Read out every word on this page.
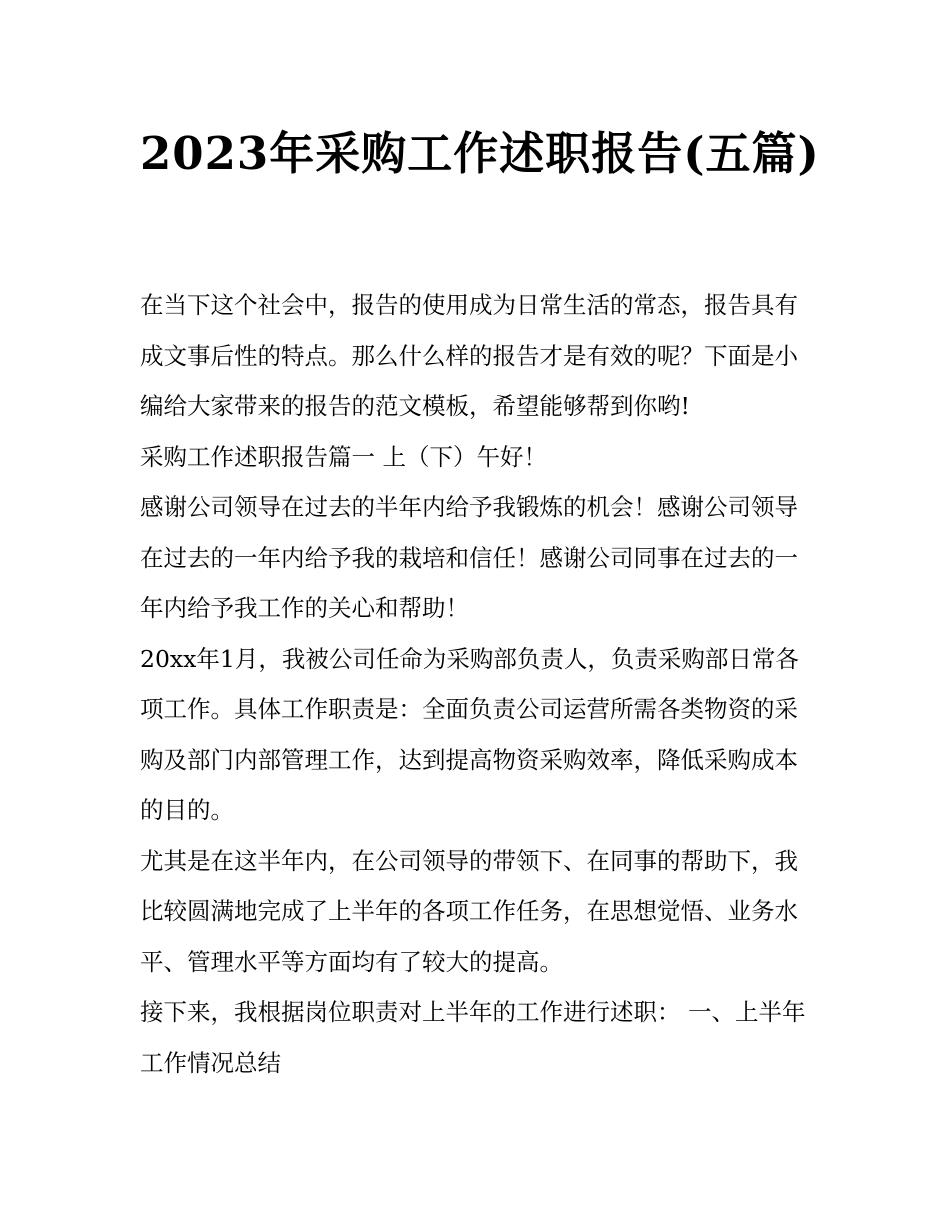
2023年采购工作述职报告(五篇)

在当下这个社会中，报告的使用成为日常生活的常态，报告具有成文事后性的特点。那么什么样的报告才是有效的呢？下面是小编给大家带来的报告的范文模板，希望能够帮到你哟!

采购工作述职报告篇一 上（下）午好！

感谢公司领导在过去的半年内给予我锻炼的机会！感谢公司领导在过去的一年内给予我的栽培和信任！感谢公司同事在过去的一年内给予我工作的关心和帮助！

20xx年1月，我被公司任命为采购部负责人，负责采购部日常各项工作。具体工作职责是：全面负责公司运营所需各类物资的采购及部门内部管理工作，达到提高物资采购效率，降低采购成本的目的。

尤其是在这半年内，在公司领导的带领下、在同事的帮助下，我比较圆满地完成了上半年的各项工作任务，在思想觉悟、业务水平、管理水平等方面均有了较大的提高。

接下来，我根据岗位职责对上半年的工作进行述职： 一、上半年工作情况总结
